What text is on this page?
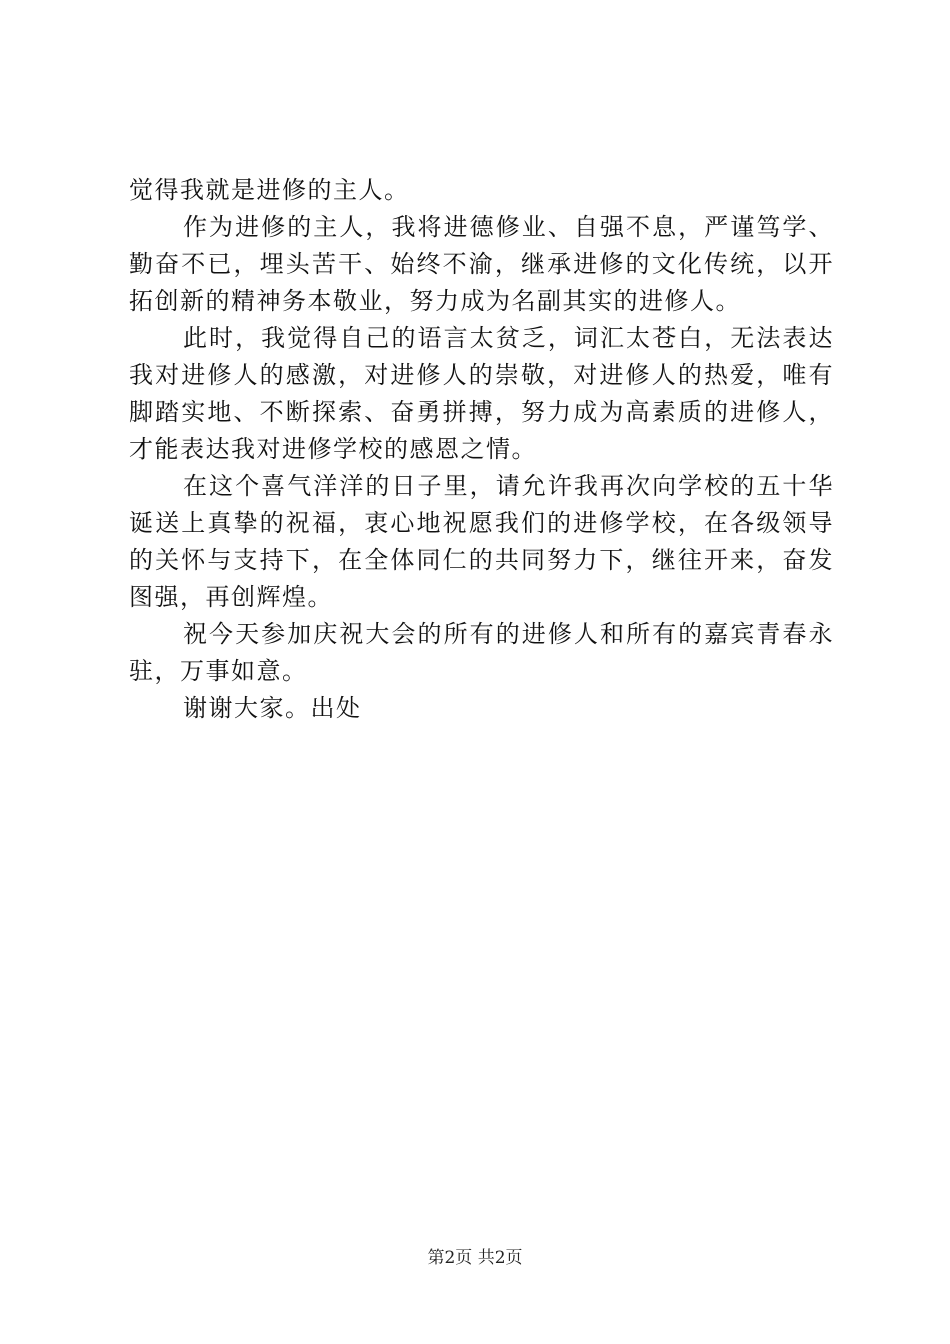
觉得我就是进修的主人。

作为进修的主人，我将进德修业、自强不息，严谨笃学、勤奋不已，埋头苦干、始终不渝，继承进修的文化传统，以开拓创新的精神务本敬业，努力成为名副其实的进修人。

此时，我觉得自己的语言太贫乏，词汇太苍白，无法表达我对进修人的感激，对进修人的崇敬，对进修人的热爱，唯有脚踏实地、不断探索、奋勇拼搏，努力成为高素质的进修人，才能表达我对进修学校的感恩之情。

在这个喜气洋洋的日子里，请允许我再次向学校的五十华诞送上真挚的祝福，衷心地祝愿我们的进修学校，在各级领导的关怀与支持下，在全体同仁的共同努力下，继往开来，奋发图强，再创辉煌。

祝今天参加庆祝大会的所有的进修人和所有的嘉宾青春永驻，万事如意。

谢谢大家。出处

第2页 共2页
